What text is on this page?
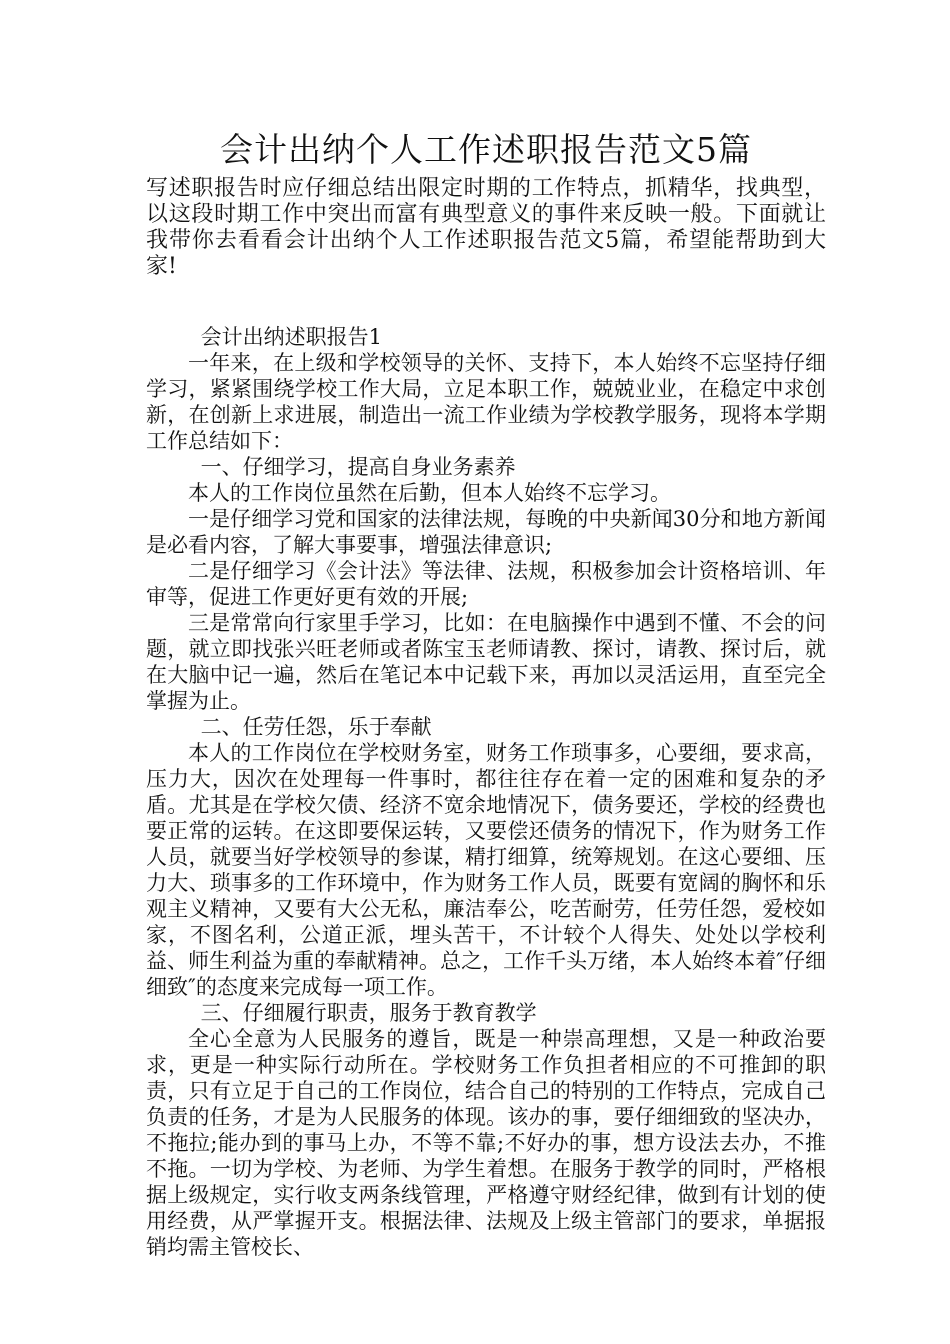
会计出纳个人工作述职报告范文5篇

写述职报告时应仔细总结出限定时期的工作特点，抓精华，找典型，以这段时期工作中突出而富有典型意义的事件来反映一般。下面就让我带你去看看会计出纳个人工作述职报告范文5篇，希望能帮助到大家!

会计出纳述职报告1

一年来，在上级和学校领导的关怀、支持下，本人始终不忘坚持仔细学习，紧紧围绕学校工作大局，立足本职工作，兢兢业业，在稳定中求创新，在创新上求进展，制造出一流工作业绩为学校教学服务，现将本学期工作总结如下：

一、仔细学习，提高自身业务素养

本人的工作岗位虽然在后勤，但本人始终不忘学习。

一是仔细学习党和国家的法律法规，每晚的中央新闻30分和地方新闻是必看内容，了解大事要事，增强法律意识;

二是仔细学习《会计法》等法律、法规，积极参加会计资格培训、年审等，促进工作更好更有效的开展;

三是常常向行家里手学习，比如：在电脑操作中遇到不懂、不会的问题，就立即找张兴旺老师或者陈宝玉老师请教、探讨，请教、探讨后，就在大脑中记一遍，然后在笔记本中记载下来，再加以灵活运用，直至完全掌握为止。

二、任劳任怨，乐于奉献

本人的工作岗位在学校财务室，财务工作琐事多，心要细，要求高，压力大，因次在处理每一件事时，都往往存在着一定的困难和复杂的矛盾。尤其是在学校欠债、经济不宽余地情况下，债务要还，学校的经费也要正常的运转。在这即要保运转，又要偿还债务的情况下，作为财务工作人员，就要当好学校领导的参谋，精打细算，统筹规划。在这心要细、压力大、琐事多的工作环境中，作为财务工作人员，既要有宽阔的胸怀和乐观主义精神，又要有大公无私，廉洁奉公，吃苦耐劳，任劳任怨，爱校如家，不图名利，公道正派，埋头苦干，不计较个人得失、处处以学校利益、师生利益为重的奉献精神。总之，工作千头万绪，本人始终本着″仔细细致″的态度来完成每一项工作。

三、仔细履行职责，服务于教育教学

全心全意为人民服务的遵旨，既是一种崇高理想，又是一种政治要求，更是一种实际行动所在。学校财务工作负担者相应的不可推卸的职责，只有立足于自己的工作岗位，结合自己的特别的工作特点，完成自己负责的任务，才是为人民服务的体现。该办的事，要仔细细致的坚决办，不拖拉;能办到的事马上办，不等不靠;不好办的事，想方设法去办，不推不拖。一切为学校、为老师、为学生着想。在服务于教学的同时，严格根据上级规定，实行收支两条线管理，严格遵守财经纪律，做到有计划的使用经费，从严掌握开支。根据法律、法规及上级主管部门的要求，单据报销均需主管校长、
